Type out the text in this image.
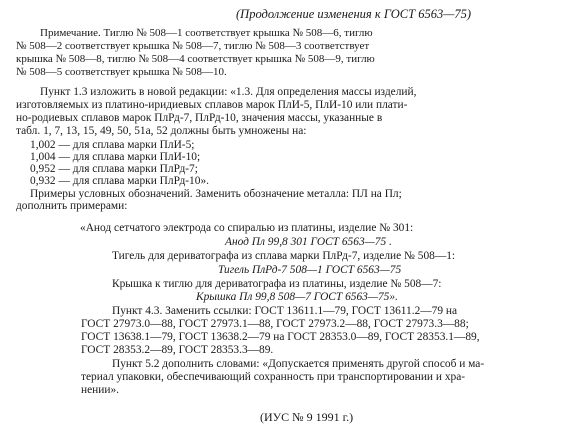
(Продолжение изменения к ГОСТ 6563—75)
Примечание. Тиглю № 508—1 соответствует крышка № 508—6, тиглю
№ 508—2 соответствует крышка № 508—7, тиглю № 508—3 соответствует
крышка № 508—8, тиглю № 508—4 соответствует крышка № 508—9, тиглю
№ 508—5 соответствует крышка № 508—10.
Пункт 1.3 изложить в новой редакции: «1.3. Для определения массы изделий,
изготовляемых из платино-иридиевых сплавов марок ПлИ-5, ПлИ-10 или плати-
но-родиевых сплавов марок ПлРд-7, ПлРд-10, значения массы, указанные в
табл. 1, 7, 13, 15, 49, 50, 51а, 52 должны быть умножены на:
1,002 — для сплава марки ПлИ-5;
1,004 — для сплава марки ПлИ-10;
0,952 — для сплава марки ПлРд-7;
0,932 — для сплава марки ПлРд-10».
Примеры условных обозначений. Заменить обозначение металла: ПЛ на Пл;
дополнить примерами:
«Анод сетчатого электрода со спиралью из платины, изделие № 301:
Анод Пл 99,8 301 ГОСТ 6563—75 .
Тигель для дериватографа из сплава марки ПлРд-7, изделие № 508—1:
Тигель ПлРд-7 508—1 ГОСТ 6563—75
Крышка к тиглю для дериватографа из платины, изделие № 508—7:
Крышка Пл 99,8 508—7 ГОСТ 6563—75».
Пункт 4.3. Заменить ссылки: ГОСТ 13611.1—79, ГОСТ 13611.2—79 на
ГОСТ 27973.0—88, ГОСТ 27973.1—88, ГОСТ 27973.2—88, ГОСТ 27973.3—88;
ГОСТ 13638.1—79, ГОСТ 13638.2—79 на ГОСТ 28353.0—89, ГОСТ 28353.1—89,
ГОСТ 28353.2—89, ГОСТ 28353.3—89.
Пункт 5.2 дополнить словами: «Допускается применять другой способ и ма-
териал упаковки, обеспечивающий сохранность при транспортировании и хра-
нении».
(ИУС № 9 1991 г.)
